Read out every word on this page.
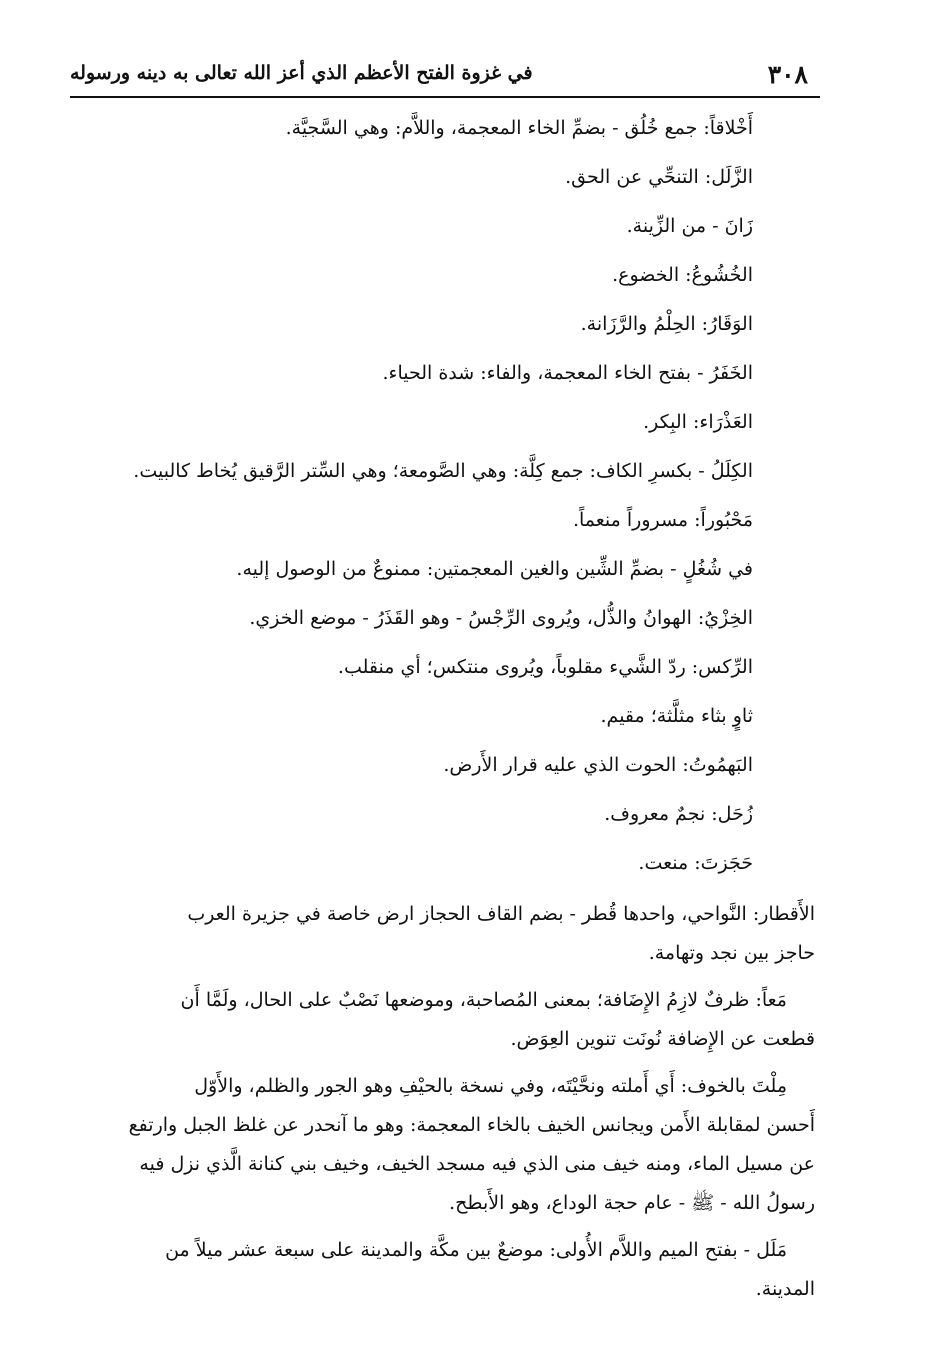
٣٠٨
في غزوة الفتح الأعظم الذي أعز الله تعالى به دينه ورسوله

أَخْلاقاً: جمع خُلُق - بضمِّ الخاء المعجمة، واللاَّم: وهي السَّجيَّة.

الزَّلَل: التنحِّي عن الحق.

زَانَ - من الزِّينة.

الخُشُوعُ: الخضوع.

الوَقَارُ: الحِلْمُ والرَّزَانة.

الخَفَرُ - بفتح الخاء المعجمة، والفاء: شدة الحياء.

العَذْرَاء: البِكر.

الكِلَلُ - بكسرِ الكاف: جمع كِلَّة: وهي الصَّومعة؛ وهي السِّتر الرَّقيق يُخاط كالبيت.

مَحْبُوراً: مسروراً منعماً.

في شُغُلٍ - بضمِّ الشِّين والغين المعجمتين: ممنوعٌ من الوصول إليه.

الخِزْيُ: الهوانُ والذُّل، ويُروى الرِّجْسُ - وهو القَذَرُ - موضع الخزي.

الرِّكس: ردّ الشَّيء مقلوباً، ويُروى منتكس؛ أي منقلب.

ثاوٍ بثاء مثلَّثة؛ مقيم.

البَهمُوتُ: الحوت الذي عليه قرار الأَرض.

زُحَل: نجمٌ معروف.

حَجَزتَ: منعت.

الأَقطار: النَّواحي، واحدها قُطر - بضم القاف الحجاز ارض خاصة في جزيرة العرب
حاجز بين نجد وتهامة.
مَعاً: ظرفٌ لازِمُ الإِضَافة؛ بمعنى المُصاحبة، وموضعها نَصْبٌ على الحال، ولَمَّا أَن
قطعت عن الإِضافة نُونَت تنوين العِوَض.
مِلْتَ بالخوف: أَي أَملته ونحَّيْتَه، وفي نسخة بالحيْفِ وهو الجور والظلم، والأَوّل
أَحسن لمقابلة الأَمن ويجانس الخيف بالخاء المعجمة: وهو ما آنحدر عن غلظ الجبل وارتفع
عن مسيل الماء، ومنه خيف منى الذي فيه مسجد الخيف، وخيف بني كنانة الَّذي نزل فيه
رسولُ الله - ﷺ - عام حجة الوداع، وهو الأَبطح.
مَلَل - بفتح الميم واللاَّم الأُولى: موضعٌ بين مكَّة والمدينة على سبعة عشر ميلاً من
المدينة.
